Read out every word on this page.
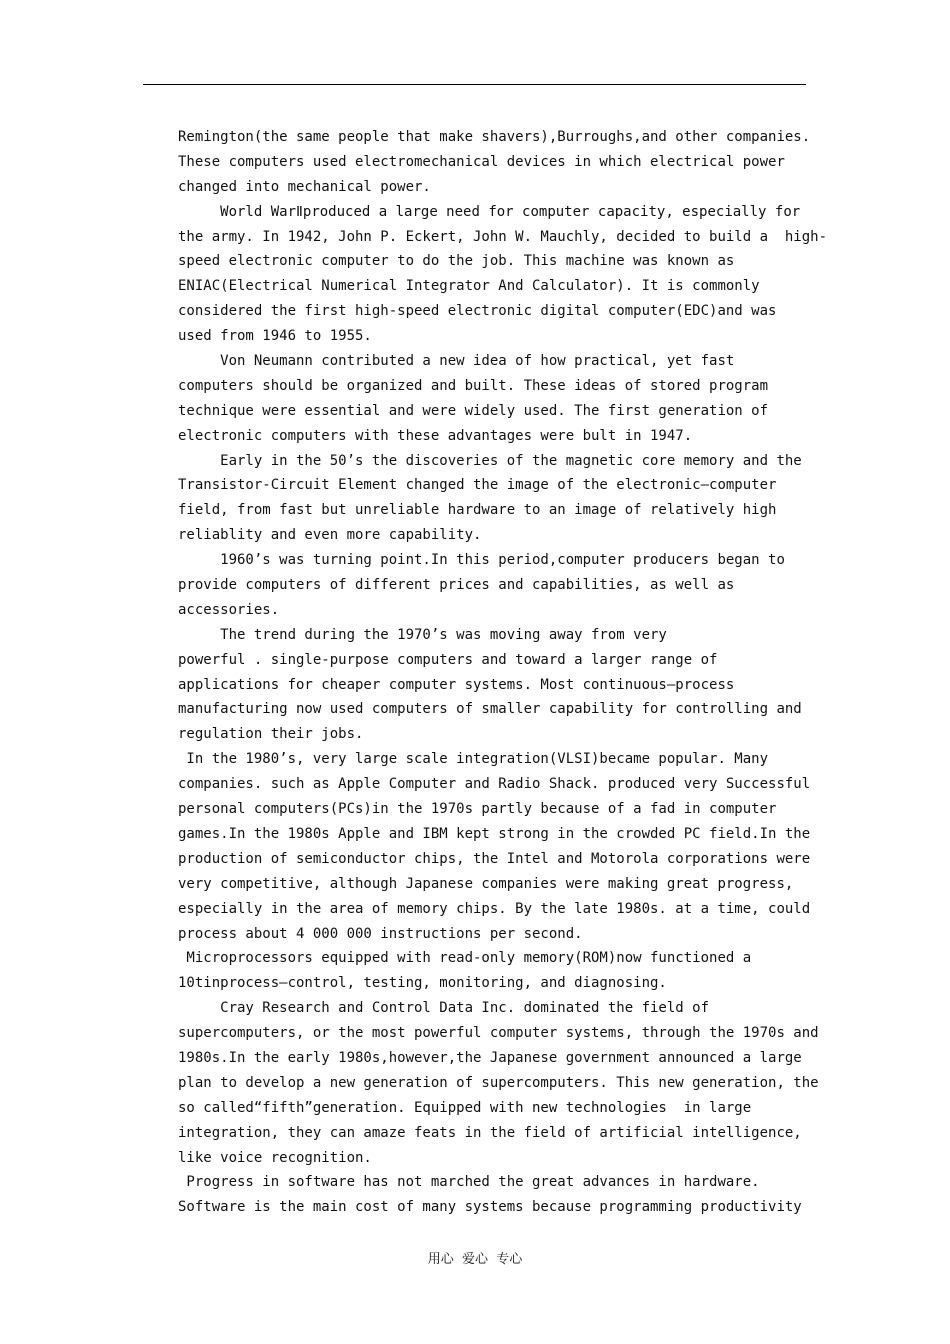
Remington(the same people that make shavers),Burroughs,and other companies.
These computers used electromechanical devices in which electrical power
changed into mechanical power.
World WarⅡproduced a large need for computer capacity, especially for
the army. In 1942, John P. Eckert, John W. Mauchly, decided to build a  high-
speed electronic computer to do the job. This machine was known as
ENIAC(Electrical Numerical Integrator And Calculator). It is commonly
considered the first high-speed electronic digital computer(EDC)and was
used from 1946 to 1955.
Von Neumann contributed a new idea of how practical, yet fast
computers should be organized and built. These ideas of stored program
technique were essential and were widely used. The first generation of
electronic computers with these advantages were bult in 1947.
Early in the 50’s the discoveries of the magnetic core memory and the
Transistor-Circuit Element changed the image of the electronic—computer
field, from fast but unreliable hardware to an image of relatively high
reliablity and even more capability.
1960’s was turning point.In this period,computer producers began to
provide computers of different prices and capabilities, as well as
accessories.
The trend during the 1970’s was moving away from very
powerful . single-purpose computers and toward a larger range of
applications for cheaper computer systems. Most continuous—process
manufacturing now used computers of smaller capability for controlling and
regulation their jobs.
In the 1980’s, very large scale integration(VLSI)became popular. Many
companies. such as Apple Computer and Radio Shack. produced very Successful
personal computers(PCs)in the 1970s partly because of a fad in computer
games.In the 1980s Apple and IBM kept strong in the crowded PC field.In the
production of semiconductor chips, the Intel and Motorola corporations were
very competitive, although Japanese companies were making great progress,
especially in the area of memory chips. By the late 1980s. at a time, could
process about 4 000 000 instructions per second.
Microprocessors equipped with read-only memory(ROM)now functioned a
10tinprocess—control, testing, monitoring, and diagnosing.
Cray Research and Control Data Inc. dominated the field of
supercomputers, or the most powerful computer systems, through the 1970s and
1980s.In the early 1980s,however,the Japanese government announced a large
plan to develop a new generation of supercomputers. This new generation, the
so called“fifth”generation. Equipped with new technologies  in large
integration, they can amaze feats in the field of artificial intelligence,
like voice recognition.
Progress in software has not marched the great advances in hardware.
Software is the main cost of many systems because programming productivity
用心  爱心  专心
